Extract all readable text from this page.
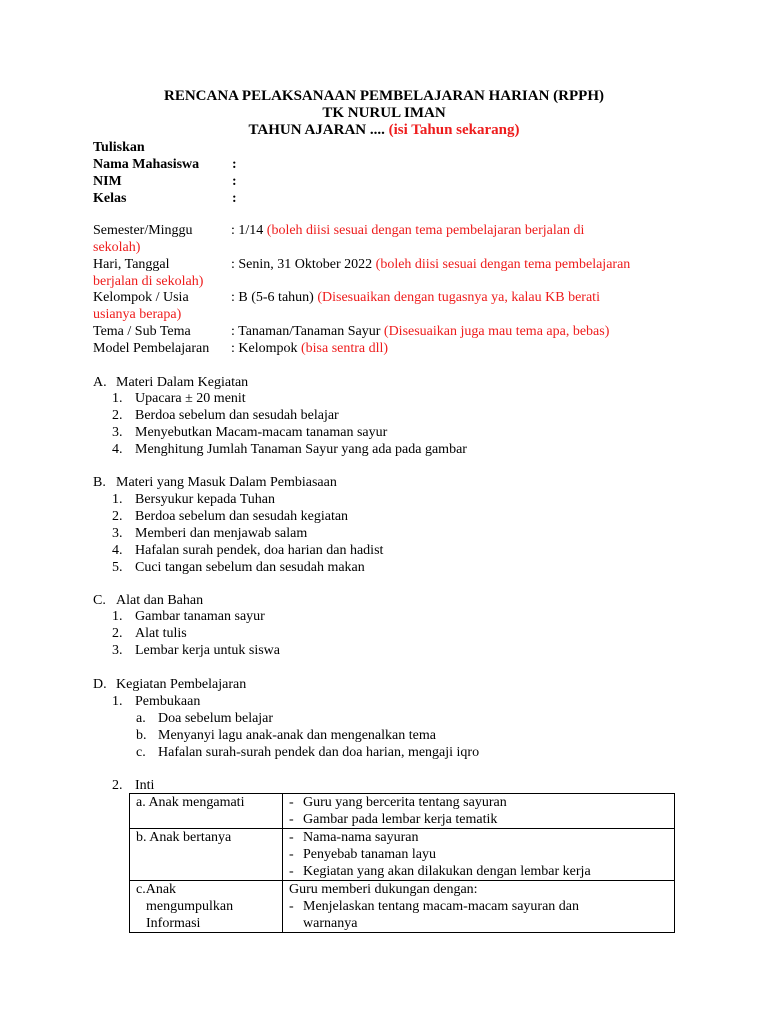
RENCANA PELAKSANAAN PEMBELAJARAN HARIAN (RPPH)
TK NURUL IMAN
TAHUN AJARAN .... (isi Tahun sekarang)
Tuliskan
Nama Mahasiswa :
NIM	:
Kelas	:
Semester/Minggu	: 1/14 (boleh diisi sesuai dengan tema pembelajaran berjalan di
sekolah)
Hari, Tanggal	: Senin, 31 Oktober 2022 (boleh diisi sesuai dengan tema pembelajaran
berjalan di sekolah)
Kelompok / Usia	: B (5-6 tahun) (Disesuaikan dengan tugasnya ya, kalau KB berati
usianya berapa)
Tema / Sub Tema	: Tanaman/Tanaman Sayur (Disesuaikan juga mau tema apa, bebas)
Model Pembelajaran : Kelompok (bisa sentra dll)
A. Materi Dalam Kegiatan
1. Upacara ± 20 menit
2. Berdoa sebelum dan sesudah belajar
3. Menyebutkan Macam-macam tanaman sayur
4. Menghitung Jumlah Tanaman Sayur yang ada pada gambar
B. Materi yang Masuk Dalam Pembiasaan
1. Bersyukur kepada Tuhan
2. Berdoa sebelum dan sesudah kegiatan
3. Memberi dan menjawab salam
4. Hafalan surah pendek, doa harian dan hadist
5. Cuci tangan sebelum dan sesudah makan
C. Alat dan Bahan
1. Gambar tanaman sayur
2. Alat tulis
3. Lembar kerja untuk siswa
D. Kegiatan Pembelajaran
1. Pembukaan
a. Doa sebelum belajar
b. Menyanyi lagu anak-anak dan mengenalkan tema
c. Hafalan surah-surah pendek dan doa harian, mengaji iqro
2. Inti
a. Anak mengamati	- Guru yang bercerita tentang sayuran
- Gambar pada lembar kerja tematik

b. Anak bertanya	- Nama-nama sayuran
- Penyebab tanaman layu
- Kegiatan yang akan dilakukan dengan lembar kerja

c.Anak
mengumpulkan
Informasi	Guru memberi dukungan dengan:
- Menjelaskan tentang macam-macam sayuran dan
warnanya
